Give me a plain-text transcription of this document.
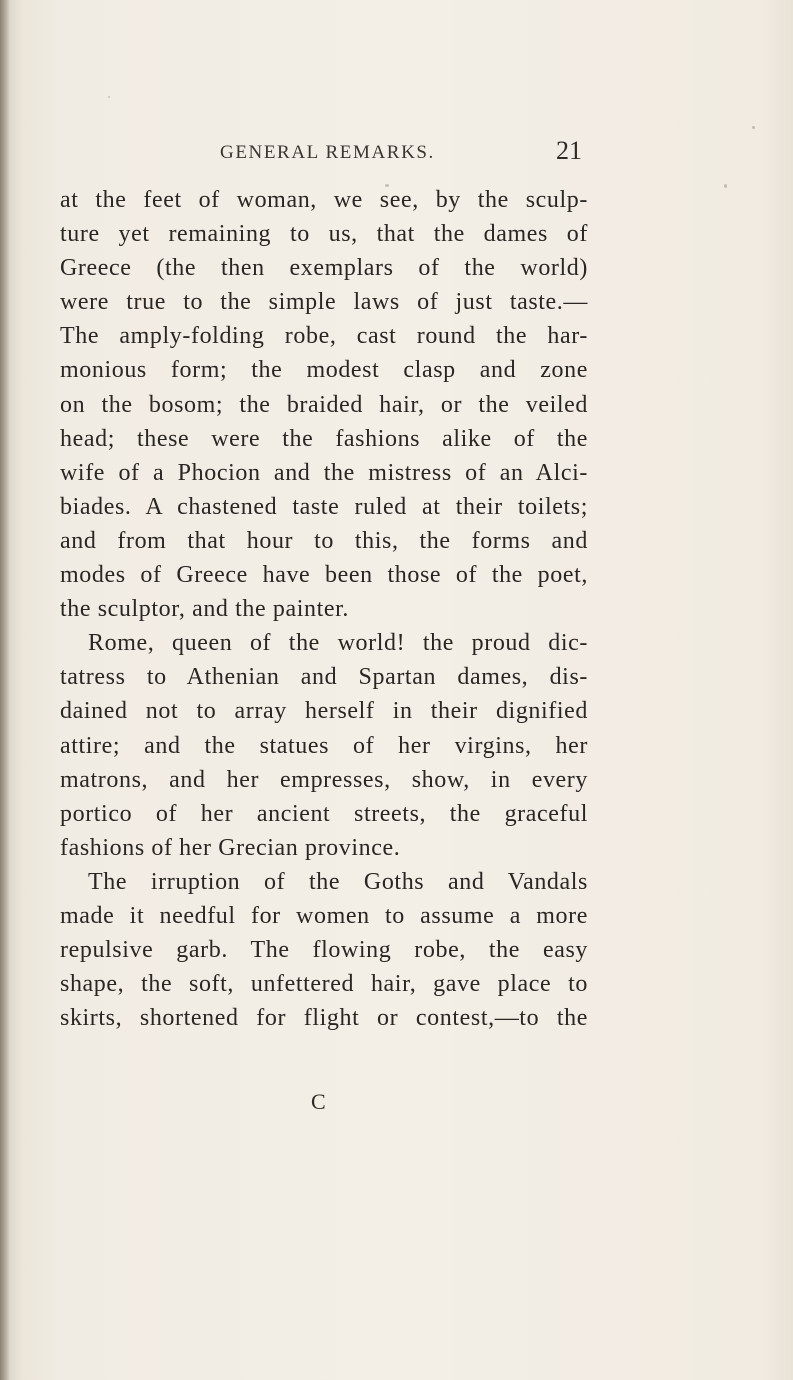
GENERAL REMARKS.	21
at the feet of woman, we see, by the sculp-
ture yet remaining to us, that the dames of
Greece (the then exemplars of the world)
were true to the simple laws of just taste.—
The amply-folding robe, cast round the har-
monious form; the modest clasp and zone
on the bosom; the braided hair, or the veiled
head; these were the fashions alike of the
wife of a Phocion and the mistress of an Alci-
biades. A chastened taste ruled at their toilets;
and from that hour to this, the forms and
modes of Greece have been those of the poet,
the sculptor, and the painter.
Rome, queen of the world! the proud dic-
tatress to Athenian and Spartan dames, dis-
dained not to array herself in their dignified
attire; and the statues of her virgins, her
matrons, and her empresses, show, in every
portico of her ancient streets, the graceful
fashions of her Grecian province.
The irruption of the Goths and Vandals
made it needful for women to assume a more
repulsive garb. The flowing robe, the easy
shape, the soft, unfettered hair, gave place to
skirts, shortened for flight or contest,—to the
C
